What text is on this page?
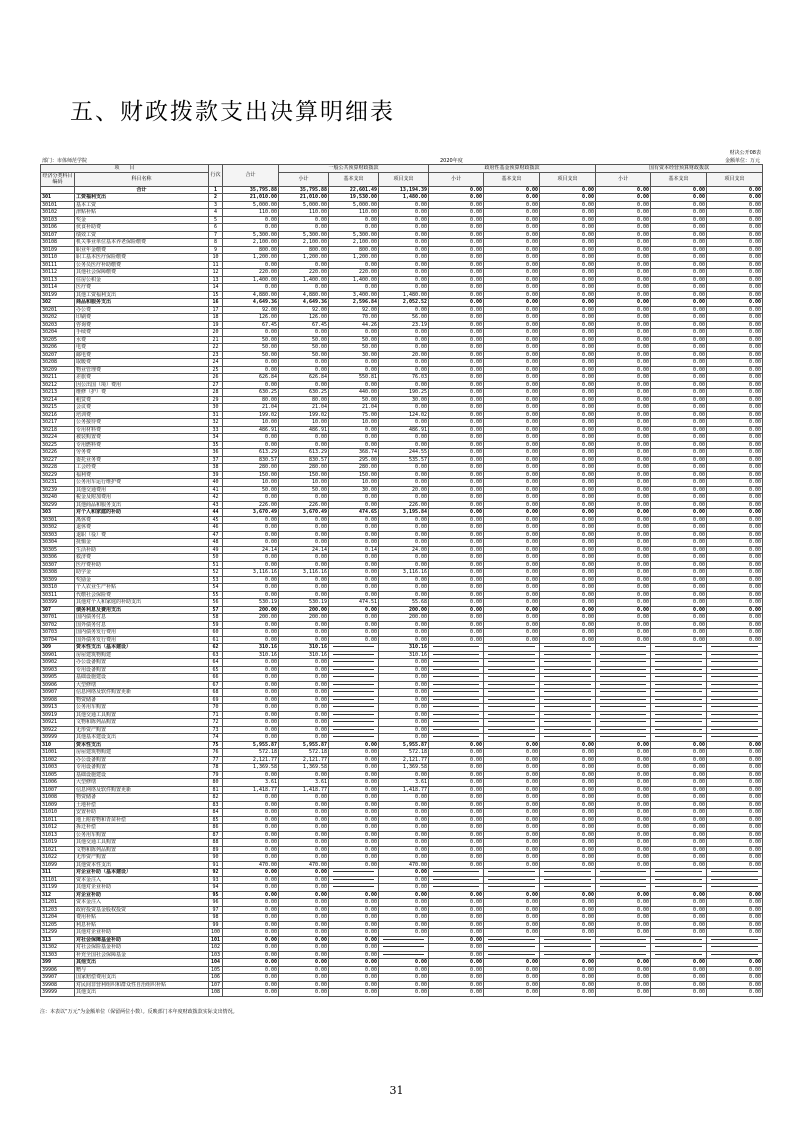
五、财政拨款支出决算明细表
财决公开08表
部门：市体师范学院	2020年度	金额单位：万元
项　　目		行次	合计	一般公共预算财政拨款			政府性基金预算财政拨款			国有资本经营预算财政拨款		
经济分类科目编码	科目名称			小计	基本支出	项目支出	小计	基本支出	项目支出	小计	基本支出	项目支出
	合计	1	35,795.88	35,795.88	22,601.49	13,194.39	0.00	0.00	0.00	0.00	0.00	0.00
301	工资福利支出	2	21,010.00	21,010.00	19,530.00	1,480.00	0.00	0.00	0.00	0.00	0.00	0.00
30101	基本工资	3	5,000.00	5,000.00	5,000.00	0.00	0.00	0.00	0.00	0.00	0.00	0.00
30102	津贴补贴	4	110.00	110.00	110.00	0.00	0.00	0.00	0.00	0.00	0.00	0.00
30103	奖金	5	0.00	0.00	0.00	0.00	0.00	0.00	0.00	0.00	0.00	0.00
30106	伙食补助费	6	0.00	0.00	0.00	0.00	0.00	0.00	0.00	0.00	0.00	0.00
30107	绩效工资	7	5,300.00	5,300.00	5,300.00	0.00	0.00	0.00	0.00	0.00	0.00	0.00
30108	机关事业单位基本养老保险缴费	8	2,100.00	2,100.00	2,100.00	0.00	0.00	0.00	0.00	0.00	0.00	0.00
30109	职业年金缴费	9	800.00	800.00	800.00	0.00	0.00	0.00	0.00	0.00	0.00	0.00
30110	职工基本医疗保险缴费	10	1,200.00	1,200.00	1,200.00	0.00	0.00	0.00	0.00	0.00	0.00	0.00
30111	公务员医疗补助缴费	11	0.00	0.00	0.00	0.00	0.00	0.00	0.00	0.00	0.00	0.00
30112	其他社会保障缴费	12	220.00	220.00	220.00	0.00	0.00	0.00	0.00	0.00	0.00	0.00
30113	住房公积金	13	1,400.00	1,400.00	1,400.00	0.00	0.00	0.00	0.00	0.00	0.00	0.00
30114	医疗费	14	0.00	0.00	0.00	0.00	0.00	0.00	0.00	0.00	0.00	0.00
30199	其他工资福利支出	15	4,880.00	4,880.00	3,400.00	1,480.00	0.00	0.00	0.00	0.00	0.00	0.00
302	商品和服务支出	16	4,649.36	4,649.36	2,596.84	2,052.52	0.00	0.00	0.00	0.00	0.00	0.00
30201	办公费	17	92.00	92.00	92.00	0.00	0.00	0.00	0.00	0.00	0.00	0.00
30202	印刷费	18	126.00	126.00	70.00	56.00	0.00	0.00	0.00	0.00	0.00	0.00
30203	咨询费	19	67.45	67.45	44.26	23.19	0.00	0.00	0.00	0.00	0.00	0.00
30204	手续费	20	0.00	0.00	0.00	0.00	0.00	0.00	0.00	0.00	0.00	0.00
30205	水费	21	50.00	50.00	50.00	0.00	0.00	0.00	0.00	0.00	0.00	0.00
30206	电费	22	50.00	50.00	50.00	0.00	0.00	0.00	0.00	0.00	0.00	0.00
30207	邮电费	23	50.00	50.00	30.00	20.00	0.00	0.00	0.00	0.00	0.00	0.00
30208	取暖费	24	0.00	0.00	0.00	0.00	0.00	0.00	0.00	0.00	0.00	0.00
30209	物业管理费	25	0.00	0.00	0.00	0.00	0.00	0.00	0.00	0.00	0.00	0.00
30211	差旅费	26	626.84	626.84	550.81	76.03	0.00	0.00	0.00	0.00	0.00	0.00
30212	因公出国（境）费用	27	0.00	0.00	0.00	0.00	0.00	0.00	0.00	0.00	0.00	0.00
30213	维修（护）费	28	630.25	630.25	440.00	190.25	0.00	0.00	0.00	0.00	0.00	0.00
30214	租赁费	29	80.00	80.00	50.00	30.00	0.00	0.00	0.00	0.00	0.00	0.00
30215	会议费	30	21.04	21.04	21.04	0.00	0.00	0.00	0.00	0.00	0.00	0.00
30216	培训费	31	199.02	199.02	75.00	124.02	0.00	0.00	0.00	0.00	0.00	0.00
30217	公务接待费	32	10.00	10.00	10.00	0.00	0.00	0.00	0.00	0.00	0.00	0.00
30218	专用材料费	33	486.91	486.91	0.00	486.91	0.00	0.00	0.00	0.00	0.00	0.00
30224	被装购置费	34	0.00	0.00	0.00	0.00	0.00	0.00	0.00	0.00	0.00	0.00
30225	专用燃料费	35	0.00	0.00	0.00	0.00	0.00	0.00	0.00	0.00	0.00	0.00
30226	劳务费	36	613.29	613.29	368.74	244.55	0.00	0.00	0.00	0.00	0.00	0.00
30227	委托业务费	37	830.57	830.57	295.00	535.57	0.00	0.00	0.00	0.00	0.00	0.00
30228	工会经费	38	280.00	280.00	280.00	0.00	0.00	0.00	0.00	0.00	0.00	0.00
30229	福利费	39	150.00	150.00	150.00	0.00	0.00	0.00	0.00	0.00	0.00	0.00
30231	公务用车运行维护费	40	10.00	10.00	10.00	0.00	0.00	0.00	0.00	0.00	0.00	0.00
30239	其他交通费用	41	50.00	50.00	30.00	20.00	0.00	0.00	0.00	0.00	0.00	0.00
30240	税金及附加费用	42	0.00	0.00	0.00	0.00	0.00	0.00	0.00	0.00	0.00	0.00
30299	其他商品和服务支出	43	226.00	226.00	0.00	226.00	0.00	0.00	0.00	0.00	0.00	0.00
303	对个人和家庭的补助	44	3,670.49	3,670.49	474.65	3,195.84	0.00	0.00	0.00	0.00	0.00	0.00
30301	离休费	45	0.00	0.00	0.00	0.00	0.00	0.00	0.00	0.00	0.00	0.00
30302	退休费	46	0.00	0.00	0.00	0.00	0.00	0.00	0.00	0.00	0.00	0.00
30303	退职（役）费	47	0.00	0.00	0.00	0.00	0.00	0.00	0.00	0.00	0.00	0.00
30304	抚恤金	48	0.00	0.00	0.00	0.00	0.00	0.00	0.00	0.00	0.00	0.00
30305	生活补助	49	24.14	24.14	0.14	24.00	0.00	0.00	0.00	0.00	0.00	0.00
30306	救济费	50	0.00	0.00	0.00	0.00	0.00	0.00	0.00	0.00	0.00	0.00
30307	医疗费补助	51	0.00	0.00	0.00	0.00	0.00	0.00	0.00	0.00	0.00	0.00
30308	助学金	52	3,116.16	3,116.16	0.00	3,116.16	0.00	0.00	0.00	0.00	0.00	0.00
30309	奖励金	53	0.00	0.00	0.00	0.00	0.00	0.00	0.00	0.00	0.00	0.00
30310	个人农业生产补贴	54	0.00	0.00	0.00	0.00	0.00	0.00	0.00	0.00	0.00	0.00
30311	代缴社会保险费	55	0.00	0.00	0.00	0.00	0.00	0.00	0.00	0.00	0.00	0.00
30399	其他对个人和家庭的补助支出	56	530.19	530.19	474.51	55.68	0.00	0.00	0.00	0.00	0.00	0.00
307	债务利息及费用支出	57	200.00	200.00	0.00	200.00	0.00	0.00	0.00	0.00	0.00	0.00
30701	国内债务付息	58	200.00	200.00	0.00	200.00	0.00	0.00	0.00	0.00	0.00	0.00
30702	国外债务付息	59	0.00	0.00	0.00	0.00	0.00	0.00	0.00	0.00	0.00	0.00
30703	国内债务发行费用	60	0.00	0.00	0.00	0.00	0.00	0.00	0.00	0.00	0.00	0.00
30704	国外债务发行费用	61	0.00	0.00	0.00	0.00	0.00	0.00	0.00	0.00	0.00	0.00
309	资本性支出（基本建设）	62	310.16	310.16		310.16	

30901	房屋建筑物购建	63	310.16	310.16		310.16	

30902	办公设备购置	64	0.00	0.00		0.00	

30903	专用设备购置	65	0.00	0.00		0.00	

30905	基础设施建设	66	0.00	0.00		0.00	

30906	大型修缮	67	0.00	0.00		0.00	

30907	信息网络及软件购置更新	68	0.00	0.00		0.00	

30908	物资储备	69	0.00	0.00		0.00	

30913	公务用车购置	70	0.00	0.00		0.00	

30919	其他交通工具购置	71	0.00	0.00		0.00	

30921	文物和陈列品购置	72	0.00	0.00		0.00	

30922	无形资产购置	73	0.00	0.00		0.00	

30999	其他基本建设支出	74	0.00	0.00		0.00	

310	资本性支出	75	5,955.87	5,955.87	0.00	5,955.87	0.00	0.00	0.00	0.00	0.00	0.00
31001	房屋建筑物购建	76	572.18	572.18	0.00	572.18	0.00	0.00	0.00	0.00	0.00	0.00
31002	办公设备购置	77	2,121.77	2,121.77	0.00	2,121.77	0.00	0.00	0.00	0.00	0.00	0.00
31003	专用设备购置	78	1,369.58	1,369.58	0.00	1,369.58	0.00	0.00	0.00	0.00	0.00	0.00
31005	基础设施建设	79	0.00	0.00	0.00	0.00	0.00	0.00	0.00	0.00	0.00	0.00
31006	大型修缮	80	3.61	3.61	0.00	3.61	0.00	0.00	0.00	0.00	0.00	0.00
31007	信息网络及软件购置更新	81	1,418.77	1,418.77	0.00	1,418.77	0.00	0.00	0.00	0.00	0.00	0.00
31008	物资储备	82	0.00	0.00	0.00	0.00	0.00	0.00	0.00	0.00	0.00	0.00
31009	土地补偿	83	0.00	0.00	0.00	0.00	0.00	0.00	0.00	0.00	0.00	0.00
31010	安置补助	84	0.00	0.00	0.00	0.00	0.00	0.00	0.00	0.00	0.00	0.00
31011	地上附着物和青苗补偿	85	0.00	0.00	0.00	0.00	0.00	0.00	0.00	0.00	0.00	0.00
31012	拆迁补偿	86	0.00	0.00	0.00	0.00	0.00	0.00	0.00	0.00	0.00	0.00
31013	公务用车购置	87	0.00	0.00	0.00	0.00	0.00	0.00	0.00	0.00	0.00	0.00
31019	其他交通工具购置	88	0.00	0.00	0.00	0.00	0.00	0.00	0.00	0.00	0.00	0.00
31021	文物和陈列品购置	89	0.00	0.00	0.00	0.00	0.00	0.00	0.00	0.00	0.00	0.00
31022	无形资产购置	90	0.00	0.00	0.00	0.00	0.00	0.00	0.00	0.00	0.00	0.00
31099	其他资本性支出	91	470.00	470.00	0.00	470.00	0.00	0.00	0.00	0.00	0.00	0.00
311	对企业补助（基本建设）	92	0.00	0.00		0.00	

31101	资本金注入	93	0.00	0.00		0.00	

31199	其他对企业补助	94	0.00	0.00		0.00	

312	对企业补助	95	0.00	0.00	0.00	0.00	0.00	0.00	0.00	0.00	0.00	0.00
31201	资本金注入	96	0.00	0.00	0.00	0.00	0.00	0.00	0.00	0.00	0.00	0.00
31203	政府投资基金股权投资	97	0.00	0.00	0.00	0.00	0.00	0.00	0.00	0.00	0.00	0.00
31204	费用补贴	98	0.00	0.00	0.00	0.00	0.00	0.00	0.00	0.00	0.00	0.00
31205	利息补贴	99	0.00	0.00	0.00	0.00	0.00	0.00	0.00	0.00	0.00	0.00
31299	其他对企业补助	100	0.00	0.00	0.00	0.00	0.00	0.00	0.00	0.00	0.00	0.00
313	对社会保障基金补助	101	0.00	0.00	0.00		0.00	

31302	对社会保险基金补助	102	0.00	0.00	0.00		0.00	

31303	补充全国社会保障基金	103	0.00	0.00	0.00		0.00	

399	其他支出	104	0.00	0.00	0.00	0.00	0.00	0.00	0.00	0.00	0.00	0.00
39906	赠与	105	0.00	0.00	0.00	0.00	0.00	0.00	0.00	0.00	0.00	0.00
39907	国家赔偿费用支出	106	0.00	0.00	0.00	0.00	0.00	0.00	0.00	0.00	0.00	0.00
39908	对民间非营利组织和群众性自治组织补贴	107	0.00	0.00	0.00	0.00	0.00	0.00	0.00	0.00	0.00	0.00
39999	其他支出	108	0.00	0.00	0.00	0.00	0.00	0.00	0.00	0.00	0.00	0.00
注：本表以“万元”为金额单位（保留两位小数）。反映部门本年度财政拨款实际支出情况。
31
